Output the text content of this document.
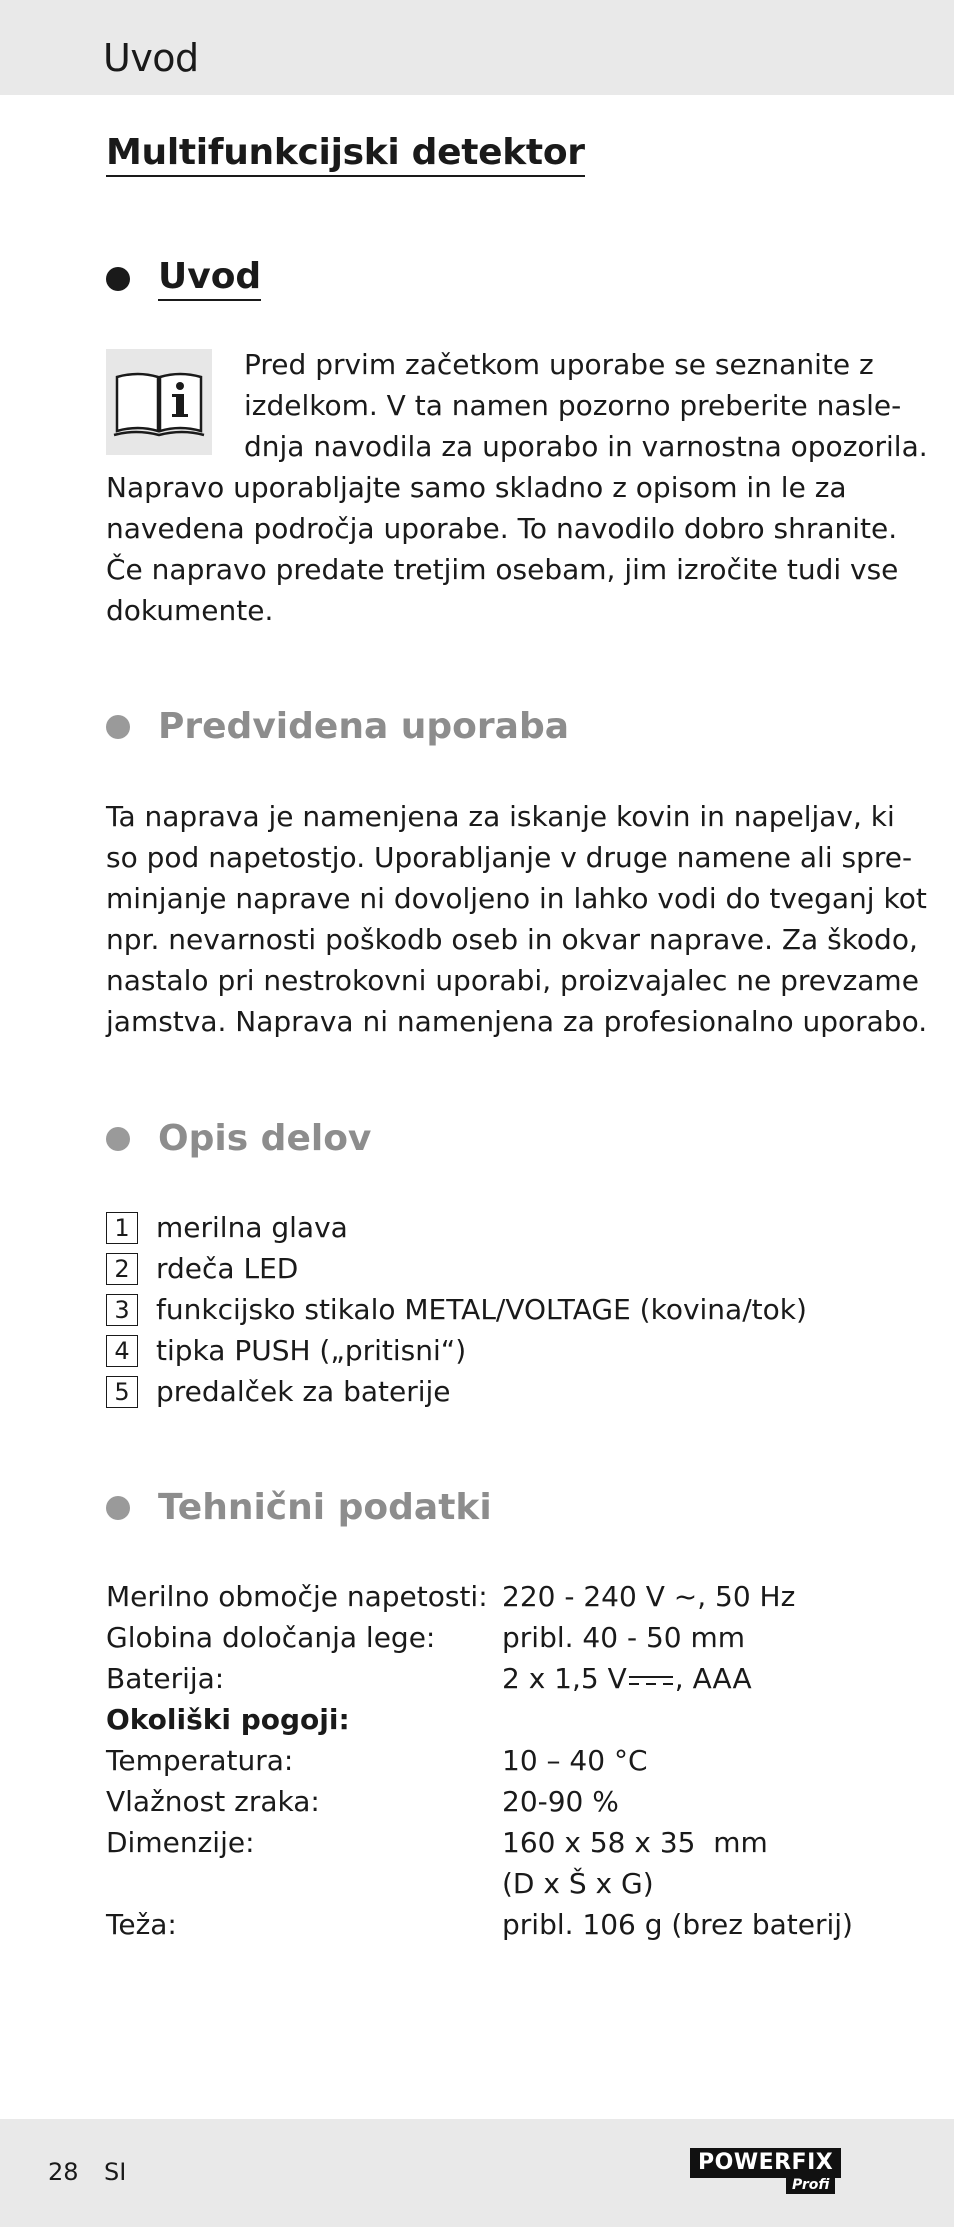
Uvod
Multifunkcijski detektor
Uvod
Pred prvim začetkom uporabe se seznanite z
izdelkom. V ta namen pozorno preberite nasle-
dnja navodila za uporabo in varnostna opozorila.
Napravo uporabljajte samo skladno z opisom in le za
navedena področja uporabe. To navodilo dobro shranite.
Če napravo predate tretjim osebam, jim izročite tudi vse
dokumente.
Predvidena uporaba
Ta naprava je namenjena za iskanje kovin in napeljav, ki
so pod napetostjo. Uporabljanje v druge namene ali spre-
minjanje naprave ni dovoljeno in lahko vodi do tveganj kot
npr. nevarnosti poškodb oseb in okvar naprave. Za škodo,
nastalo pri nestrokovni uporabi, proizvajalec ne prevzame
jamstva. Naprava ni namenjena za profesionalno uporabo.
Opis delov
1 merilna glava
2 rdeča LED
3 funkcijsko stikalo METAL/VOLTAGE (kovina/tok)
4 tipka PUSH („pritisni“)
5 predalček za baterije
Tehnični podatki
Merilno območje napetosti: 220 - 240 V ~, 50 Hz
Globina določanja lege:	pribl. 40 - 50 mm
Baterija:	2 x 1,5 V , AAA
Okoliški pogoji:
Temperatura:	10 – 40 °C
Vlažnost zraka:	20-90 %
Dimenzije:	160 x 58 x 35  mm
(D x Š x G)
Teža:	pribl. 106 g (brez baterij)
28 SI	POWERFIX
Profi
